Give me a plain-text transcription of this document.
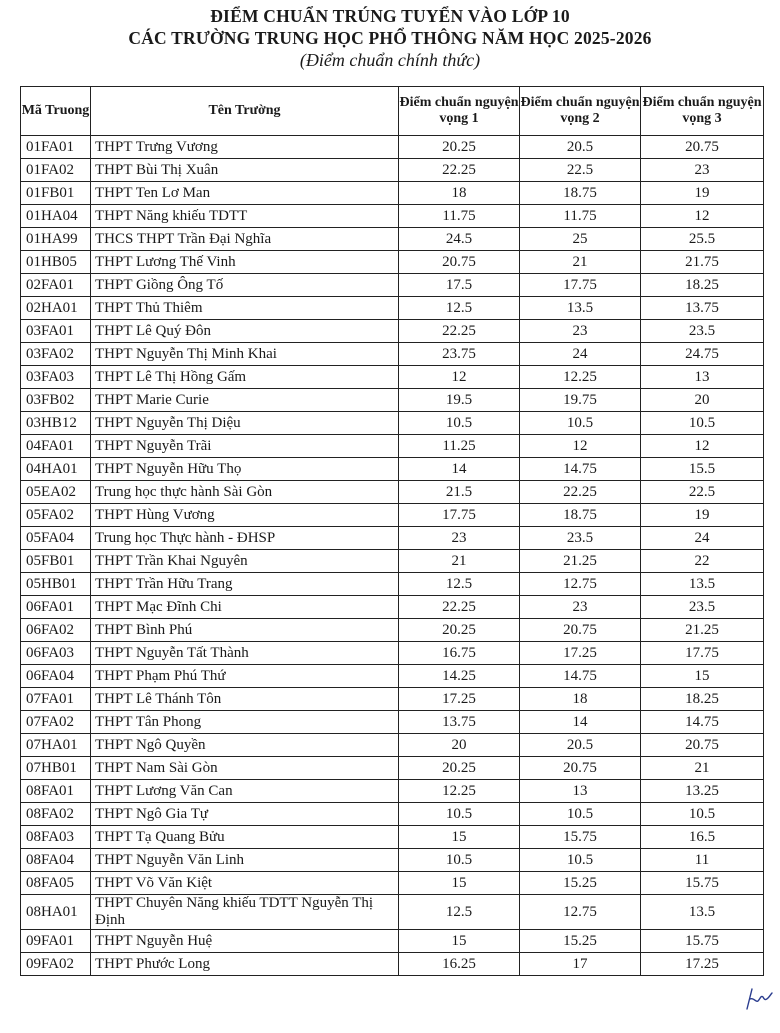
ĐIỂM CHUẨN TRÚNG TUYỂN VÀO LỚP 10
CÁC TRƯỜNG TRUNG HỌC PHỔ THÔNG NĂM HỌC 2025-2026
(Điểm chuẩn chính thức)
Mã Truong	Tên Trường	Điểm chuẩn nguyện vọng 1	Điểm chuẩn nguyện vọng 2	Điểm chuẩn nguyện vọng 3
01FA01	THPT Trưng Vương	20.25	20.5	20.75
01FA02	THPT Bùi Thị Xuân	22.25	22.5	23
01FB01	THPT Ten Lơ Man	18	18.75	19
01HA04	THPT Năng khiếu TDTT	11.75	11.75	12
01HA99	THCS THPT Trần Đại Nghĩa	24.5	25	25.5
01HB05	THPT Lương Thế Vinh	20.75	21	21.75
02FA01	THPT Giồng Ông Tố	17.5	17.75	18.25
02HA01	THPT Thủ Thiêm	12.5	13.5	13.75
03FA01	THPT Lê Quý Đôn	22.25	23	23.5
03FA02	THPT Nguyễn Thị Minh Khai	23.75	24	24.75
03FA03	THPT Lê Thị Hồng Gấm	12	12.25	13
03FB02	THPT Marie Curie	19.5	19.75	20
03HB12	THPT Nguyễn Thị Diệu	10.5	10.5	10.5
04FA01	THPT Nguyễn Trãi	11.25	12	12
04HA01	THPT Nguyễn Hữu Thọ	14	14.75	15.5
05EA02	Trung học thực hành Sài Gòn	21.5	22.25	22.5
05FA02	THPT Hùng Vương	17.75	18.75	19
05FA04	Trung học Thực hành - ĐHSP	23	23.5	24
05FB01	THPT Trần Khai Nguyên	21	21.25	22
05HB01	THPT Trần Hữu Trang	12.5	12.75	13.5
06FA01	THPT Mạc Đĩnh Chi	22.25	23	23.5
06FA02	THPT Bình Phú	20.25	20.75	21.25
06FA03	THPT Nguyễn Tất Thành	16.75	17.25	17.75
06FA04	THPT Phạm Phú Thứ	14.25	14.75	15
07FA01	THPT Lê Thánh Tôn	17.25	18	18.25
07FA02	THPT Tân Phong	13.75	14	14.75
07HA01	THPT Ngô Quyền	20	20.5	20.75
07HB01	THPT Nam Sài Gòn	20.25	20.75	21
08FA01	THPT Lương Văn Can	12.25	13	13.25
08FA02	THPT Ngô Gia Tự	10.5	10.5	10.5
08FA03	THPT Tạ Quang Bửu	15	15.75	16.5
08FA04	THPT Nguyễn Văn Linh	10.5	10.5	11
08FA05	THPT Võ Văn Kiệt	15	15.25	15.75
08HA01	THPT Chuyên Năng khiếu TDTT Nguyễn Thị Định	12.5	12.75	13.5
09FA01	THPT Nguyễn Huệ	15	15.25	15.75
09FA02	THPT Phước Long	16.25	17	17.25
